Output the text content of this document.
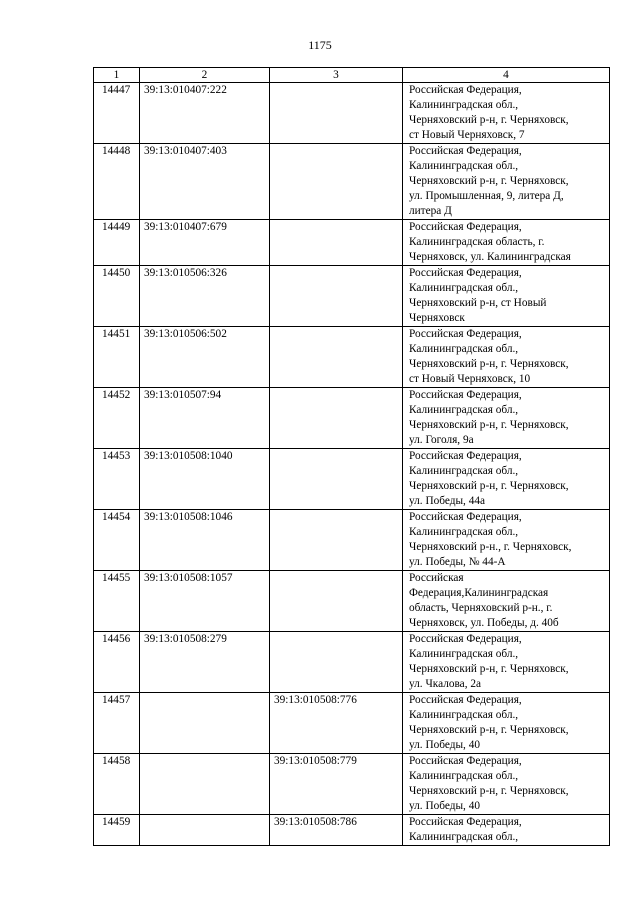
1175
1	2	3	4
14447	39:13:010407:222		Российская Федерация,
Калининградская обл.,
Черняховский р-н, г. Черняховск,
ст Новый Черняховск, 7

14448	39:13:010407:403		Российская Федерация,
Калининградская обл.,
Черняховский р-н, г. Черняховск,
ул. Промышленная, 9, литера Д,
литера Д

14449	39:13:010407:679		Российская Федерация,
Калининградская область, г.
Черняховск, ул. Калининградская

14450	39:13:010506:326		Российская Федерация,
Калининградская обл.,
Черняховский р-н, ст Новый
Черняховск

14451	39:13:010506:502		Российская Федерация,
Калининградская обл.,
Черняховский р-н, г. Черняховск,
ст Новый Черняховск, 10

14452	39:13:010507:94		Российская Федерация,
Калининградская обл.,
Черняховский р-н, г. Черняховск,
ул. Гоголя, 9а

14453	39:13:010508:1040		Российская Федерация,
Калининградская обл.,
Черняховский р-н, г. Черняховск,
ул. Победы, 44а

14454	39:13:010508:1046		Российская Федерация,
Калининградская обл.,
Черняховский р-н., г. Черняховск,
ул. Победы, № 44-А

14455	39:13:010508:1057		Российская
Федерация,Калининградская
область, Черняховский р-н., г.
Черняховск, ул. Победы, д. 40б

14456	39:13:010508:279		Российская Федерация,
Калининградская обл.,
Черняховский р-н, г. Черняховск,
ул. Чкалова, 2а

14457		39:13:010508:776	Российская Федерация,
Калининградская обл.,
Черняховский р-н, г. Черняховск,
ул. Победы, 40

14458		39:13:010508:779	Российская Федерация,
Калининградская обл.,
Черняховский р-н, г. Черняховск,
ул. Победы, 40

14459		39:13:010508:786	Российская Федерация,
Калининградская обл.,
